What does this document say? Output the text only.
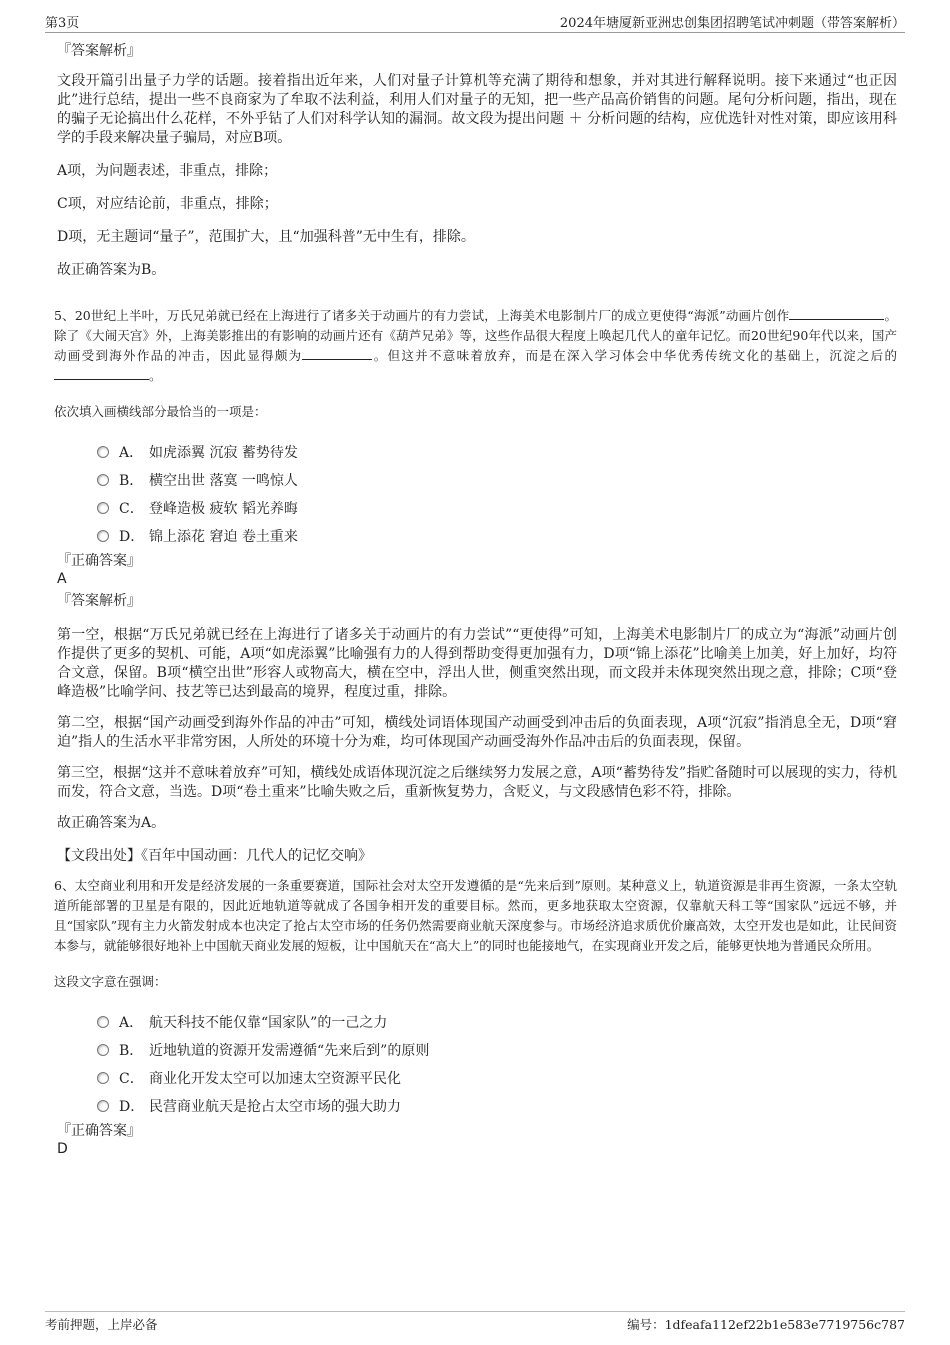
第3页	2024年塘厦新亚洲忠创集团招聘笔试冲刺题（带答案解析）
『答案解析』

文段开篇引出量子力学的话题。接着指出近年来，人们对量子计算机等充满了期待和想象，并对其进行解释说明。接下来通过“也正因此”进行总结，提出一些不良商家为了牟取不法利益，利用人们对量子的无知，把一些产品高价销售的问题。尾句分析问题，指出，现在的骗子无论搞出什么花样，不外乎钻了人们对科学认知的漏洞。故文段为提出问题 ＋ 分析问题的结构，应优选针对性对策，即应该用科学的手段来解决量子骗局，对应B项。

A项，为问题表述，非重点，排除；

C项，对应结论前，非重点，排除；

D项，无主题词“量子”，范围扩大，且“加强科普”无中生有，排除。

故正确答案为B。

5、20世纪上半叶，万氏兄弟就已经在上海进行了诸多关于动画片的有力尝试，上海美术电影制片厂的成立更使得“海派”动画片创作	。除了《大闹天宫》外，上海美影推出的有影响的动画片还有《葫芦兄弟》等，这些作品很大程度上唤起几代人的童年记忆。而20世纪90年代以来，国产动画受到海外作品的冲击，因此显得颇为	。但这并不意味着放弃，而是在深入学习体会中华优秀传统文化的基础上，沉淀之后的。
依次填入画横线部分最恰当的一项是：
A． 如虎添翼 沉寂 蓄势待发
B． 横空出世 落寞 一鸣惊人
C． 登峰造极 疲软 韬光养晦
D． 锦上添花 窘迫 卷土重来
『正确答案』
A
『答案解析』

第一空，根据“万氏兄弟就已经在上海进行了诸多关于动画片的有力尝试”“更使得”可知，上海美术电影制片厂的成立为“海派”动画片创作提供了更多的契机、可能，A项“如虎添翼”比喻强有力的人得到帮助变得更加强有力，D项“锦上添花”比喻美上加美，好上加好，均符合文意，保留。B项“横空出世”形容人或物高大，横在空中，浮出人世，侧重突然出现，而文段并未体现突然出现之意，排除；C项“登峰造极”比喻学问、技艺等已达到最高的境界，程度过重，排除。

第二空，根据“国产动画受到海外作品的冲击”可知，横线处词语体现国产动画受到冲击后的负面表现，A项“沉寂”指消息全无，D项“窘迫”指人的生活水平非常穷困，人所处的环境十分为难，均可体现国产动画受海外作品冲击后的负面表现，保留。

第三空，根据“这并不意味着放弃”可知，横线处成语体现沉淀之后继续努力发展之意，A项“蓄势待发”指贮备随时可以展现的实力，待机而发，符合文意，当选。D项“卷土重来”比喻失败之后，重新恢复势力，含贬义，与文段感情色彩不符，排除。

故正确答案为A。

【文段出处】《百年中国动画：几代人的记忆交响》

6、太空商业利用和开发是经济发展的一条重要赛道，国际社会对太空开发遵循的是“先来后到”原则。某种意义上，轨道资源是非再生资源，一条太空轨道所能部署的卫星是有限的，因此近地轨道等就成了各国争相开发的重要目标。然而，更多地获取太空资源，仅靠航天科工等“国家队”远远不够，并且“国家队”现有主力火箭发射成本也决定了抢占太空市场的任务仍然需要商业航天深度参与。市场经济追求质优价廉高效，太空开发也是如此，让民间资本参与，就能够很好地补上中国航天商业发展的短板，让中国航天在“高大上”的同时也能接地气，在实现商业开发之后，能够更快地为普通民众所用。
这段文字意在强调：
A． 航天科技不能仅靠“国家队”的一己之力
B． 近地轨道的资源开发需遵循“先来后到”的原则
C． 商业化开发太空可以加速太空资源平民化
D． 民营商业航天是抢占太空市场的强大助力
『正确答案』
D
考前押题，上岸必备	编号：1dfeafa112ef22b1e583e7719756c787
